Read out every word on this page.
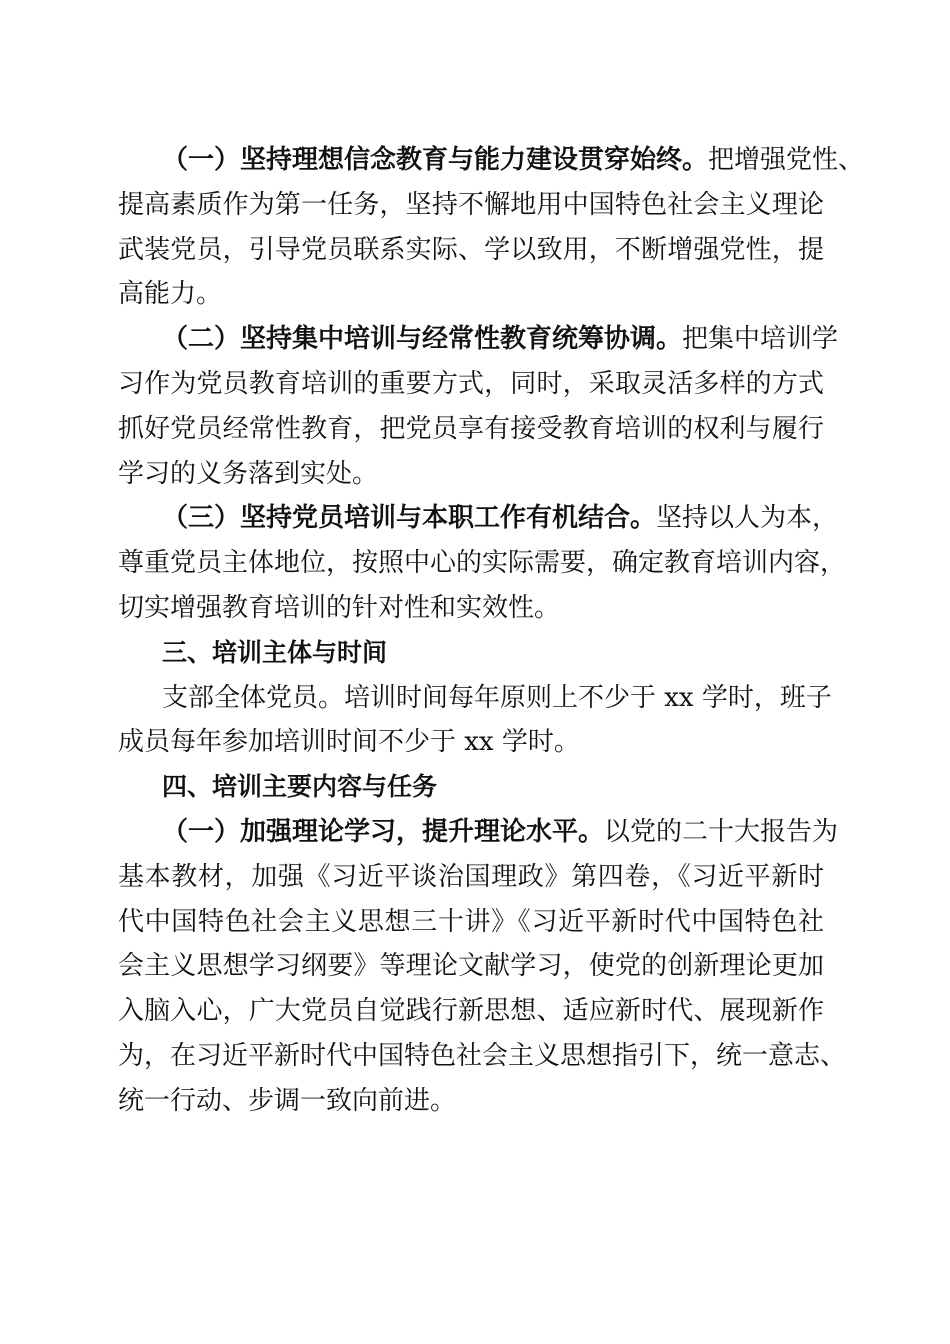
（一）坚持理想信念教育与能力建设贯穿始终。把增强党性、
提高素质作为第一任务，坚持不懈地用中国特色社会主义理论
武装党员，引导党员联系实际、学以致用，不断增强党性，提
高能力。
（二）坚持集中培训与经常性教育统筹协调。把集中培训学
习作为党员教育培训的重要方式，同时，采取灵活多样的方式
抓好党员经常性教育，把党员享有接受教育培训的权利与履行
学习的义务落到实处。
（三）坚持党员培训与本职工作有机结合。坚持以人为本，
尊重党员主体地位，按照中心的实际需要，确定教育培训内容，
切实增强教育培训的针对性和实效性。
三、培训主体与时间
支部全体党员。培训时间每年原则上不少于 xx 学时，班子
成员每年参加培训时间不少于 xx 学时。
四、培训主要内容与任务
（一）加强理论学习，提升理论水平。以党的二十大报告为
基本教材，加强《习近平谈治国理政》第四卷，《习近平新时
代中国特色社会主义思想三十讲》《习近平新时代中国特色社
会主义思想学习纲要》等理论文献学习，使党的创新理论更加
入脑入心，广大党员自觉践行新思想、适应新时代、展现新作
为，在习近平新时代中国特色社会主义思想指引下，统一意志、
统一行动、步调一致向前进。
